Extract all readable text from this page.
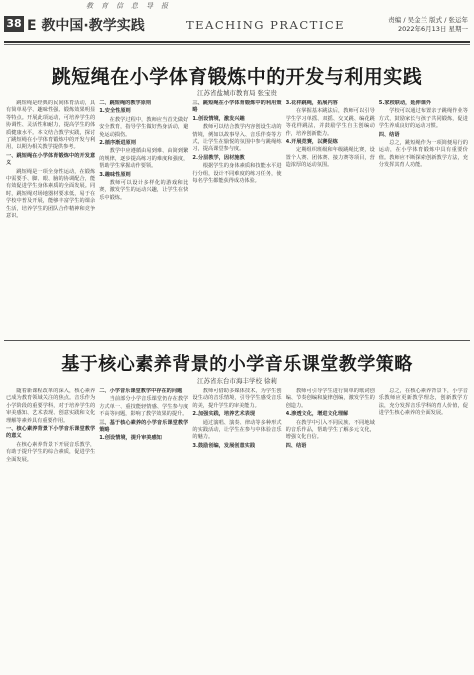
教育信息导报
38 E 教中国·教学实践	TEACHING PRACTICE	责编 / 吴金兰 版式 / 张运年
2022年6月13日 星期一
跳短绳在小学体育锻炼中的开发与利用实践
江苏省盐城市教育局 张宝贵

跳短绳是经典的民间体育活动，具有简单易学、趣味性强、锻炼效果明显等特点。开展此项运动，可培养学生的协调性、灵活性和耐力，提高学生的体质健康水平。本文结合教学实践，探讨了跳短绳在小学体育锻炼中的开发与利用，以期为相关教学提供参考。

一、跳短绳在小学体育锻炼中的开发意义

跳短绳是一项全身性运动，在锻炼中需要手、脚、眼、脑的协调配合，能有效促进学生身体素质的全面发展。同时，跳短绳对场地器材要求低，易于在学校中普及开展，能够丰富学生的课余生活，培养学生的团队合作精神和竞争意识。

二、跳短绳的教学原则

1.安全性原则

在教学过程中，教师应当首先做好安全教育，指导学生做好热身活动，避免运动损伤。

2.循序渐进原则

教学中应遵循由易到难、由简到繁的规律，逐步提高练习的难度和强度，帮助学生掌握动作要领。

3.趣味性原则

教师可以设计多样化的游戏和比赛，激发学生的运动兴趣，让学生在快乐中锻炼。

三、跳短绳在小学体育锻炼中的利用策略

1.创设情境，激发兴趣

教师可以结合教学内容创设生动的情境，例如以故事导入、音乐伴奏等方式，让学生在愉悦的氛围中参与跳绳练习，提高课堂参与度。

2.分层教学，因材施教

根据学生的身体素质和技能水平进行分组，设计不同难度的练习任务，使每名学生都能获得成功体验。

3.花样跳绳，拓展内容

在掌握基本跳法后，教师可以引导学生学习单摇、双摇、交叉跳、编花跳等花样跳法，并鼓励学生自主创编动作，培养创新能力。

4.开展竞赛，以赛促练

定期组织班级和年级跳绳比赛，设置个人赛、团体赛、接力赛等项目，营造浓厚的运动氛围。

5.家校联动，延伸课外

学校可以通过布置亲子跳绳作业等方式，鼓励家长与孩子共同锻炼，促进学生养成良好的运动习惯。

四、结语

总之，跳短绳作为一项简便易行的运动，在小学体育锻炼中具有重要价值。教师应不断探索创新教学方法，充分发挥其育人功能。

基于核心素养背景的小学音乐课堂教学策略
江苏省东台市海丰学校 徐莉

随着新课程改革的深入，核心素养已成为教育领域关注的焦点。音乐作为小学阶段的重要学科，对于培养学生的审美感知、艺术表现、创意实践和文化理解等素养具有重要作用。

一、核心素养背景下小学音乐课堂教学的意义

在核心素养背景下开展音乐教学，有助于提升学生的综合素质，促进学生全面发展。

二、小学音乐课堂教学中存在的问题

当前部分小学音乐课堂仍存在教学方式单一、重技能轻情感、学生参与度不高等问题，影响了教学效果的提升。

三、基于核心素养的小学音乐课堂教学策略

1.创设情境，提升审美感知

教师可借助多媒体技术，为学生创设生动的音乐情境，引导学生感受音乐的美，提升学生的审美能力。

2.加强实践，培养艺术表现

通过演唱、演奏、律动等多种形式的实践活动，让学生在参与中体验音乐的魅力。

3.鼓励创编，发展创意实践

教师可引导学生进行简单的歌词创编、节奏创编和旋律创编，激发学生的创造力。

4.渗透文化，增进文化理解

在教学中引入不同民族、不同地域的音乐作品，帮助学生了解多元文化，增强文化自信。

四、结语

总之，在核心素养背景下，小学音乐教师应更新教学理念，创新教学方法，充分发挥音乐学科的育人价值，促进学生核心素养的全面发展。
